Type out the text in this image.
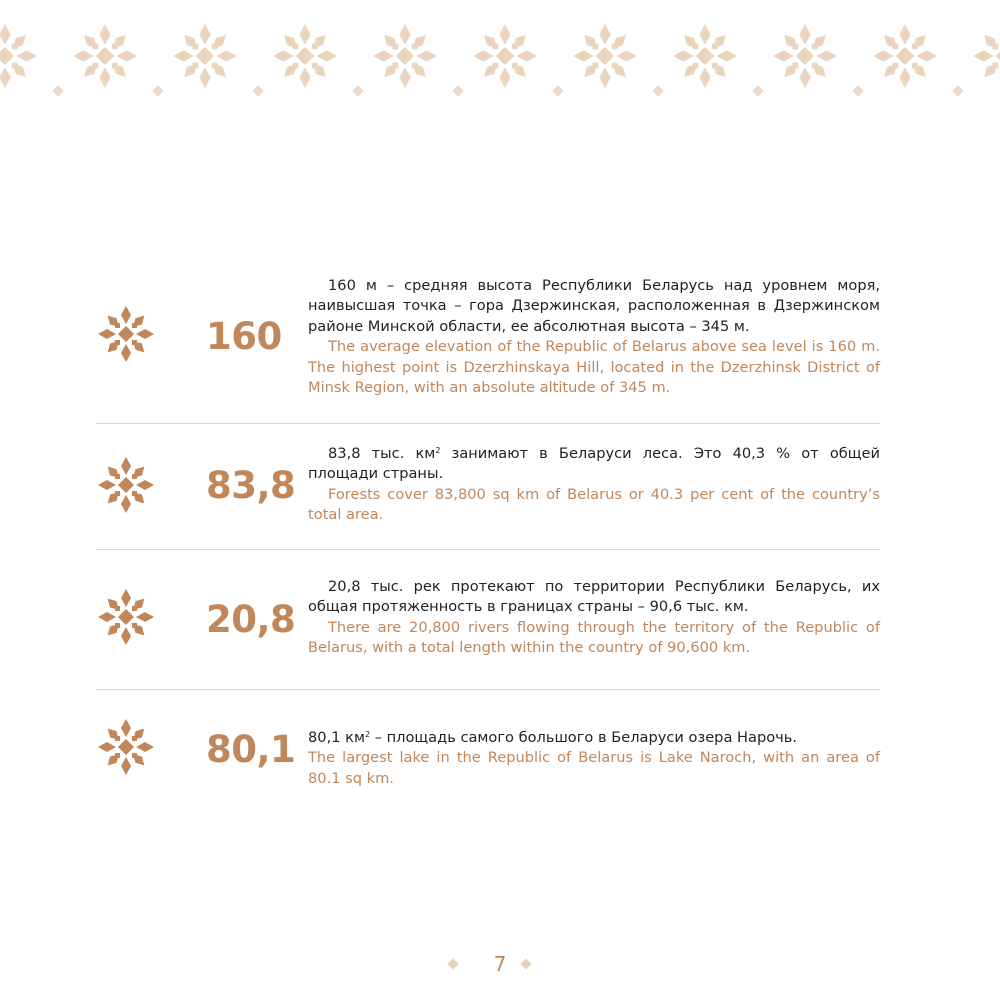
160

160 м – средняя высота Республики Беларусь над уровнем моря, наивысшая точка – гора Дзержинская, расположенная в Дзержинском районе Минской области, ее абсолютная высота – 345 м.

The average elevation of the Republic of Belarus above sea level is 160 m. The highest point is Dzerzhinskaya Hill, located in the Dzerzhinsk District of Minsk Region, with an absolute altitude of 345 m.

83,8

83,8 тыс. $км^2$ занимают в Беларуси леса. Это 40,3 % от общей площади страны.

Forests cover 83,800 sq km of Belarus or 40.3 per cent of the country’s total area.

20,8

20,8 тыс. рек протекают по территории Республики Беларусь, их общая протяженность в границах страны – 90,6 тыс. км.

There are 20,800 rivers flowing through the territory of the Republic of Belarus, with a total length within the country of 90,600 km.

80,1 80,1 $км^2$ – площадь самого большого в Беларуси озера Нарочь.

The largest lake in the Republic of Belarus is Lake Naroch, with an area of 80.1 sq km.

7
